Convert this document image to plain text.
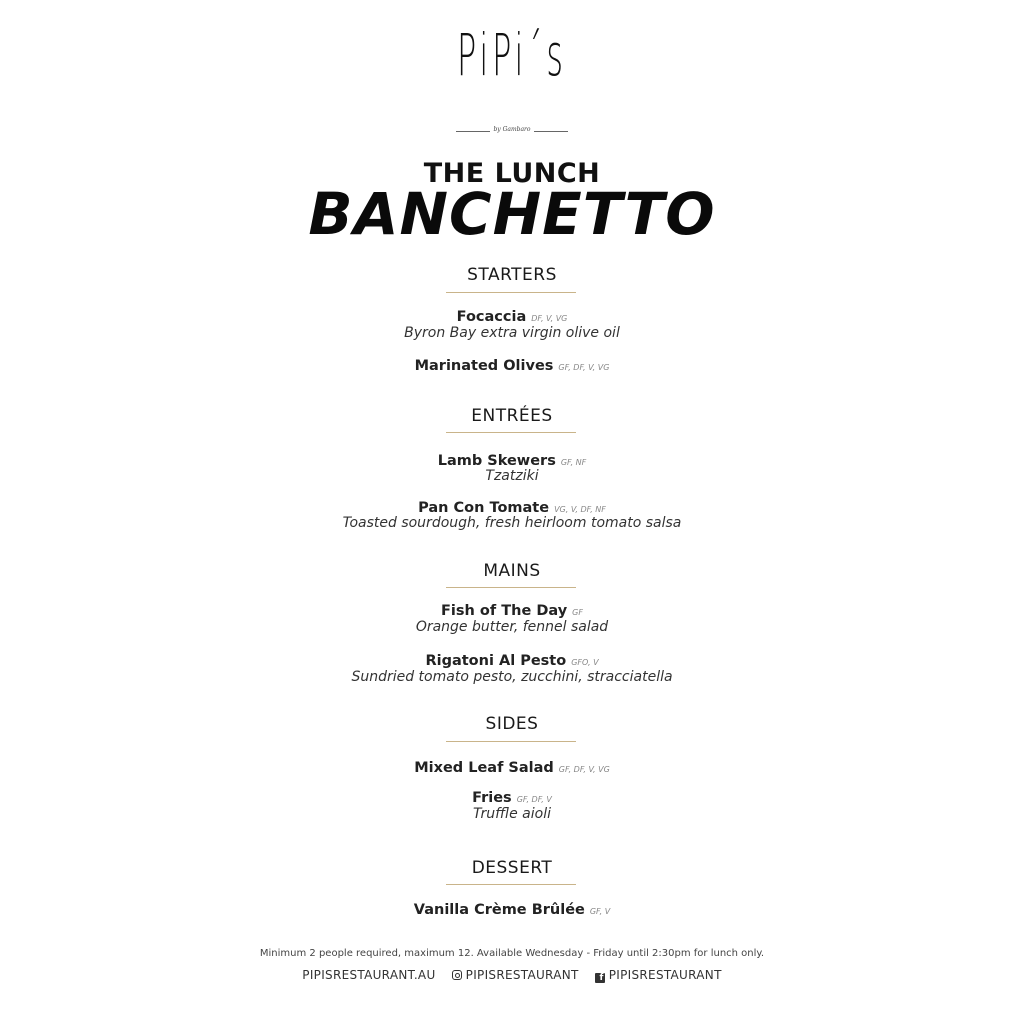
PiPi´s
by Gambaro
THE LUNCH
BANCHETTO
STARTERS
Focaccia DF, V, VG
Byron Bay extra virgin olive oil
Marinated Olives GF, DF, V, VG
ENTRÉES
Lamb Skewers GF, NF
Tzatziki
Pan Con Tomate VG, V, DF, NF
Toasted sourdough, fresh heirloom tomato salsa
MAINS
Fish of The Day GF
Orange butter, fennel salad
Rigatoni Al Pesto GFO, V
Sundried tomato pesto, zucchini, stracciatella
SIDES
Mixed Leaf Salad GF, DF, V, VG
Fries GF, DF, V
Truffle aioli
DESSERT
Vanilla Crème Brûlée GF, V
Minimum 2 people required, maximum 12. Available Wednesday - Friday until 2:30pm for lunch only.
PIPISRESTAURANT.AU	PIPISRESTAURANT f PIPISRESTAURANT
